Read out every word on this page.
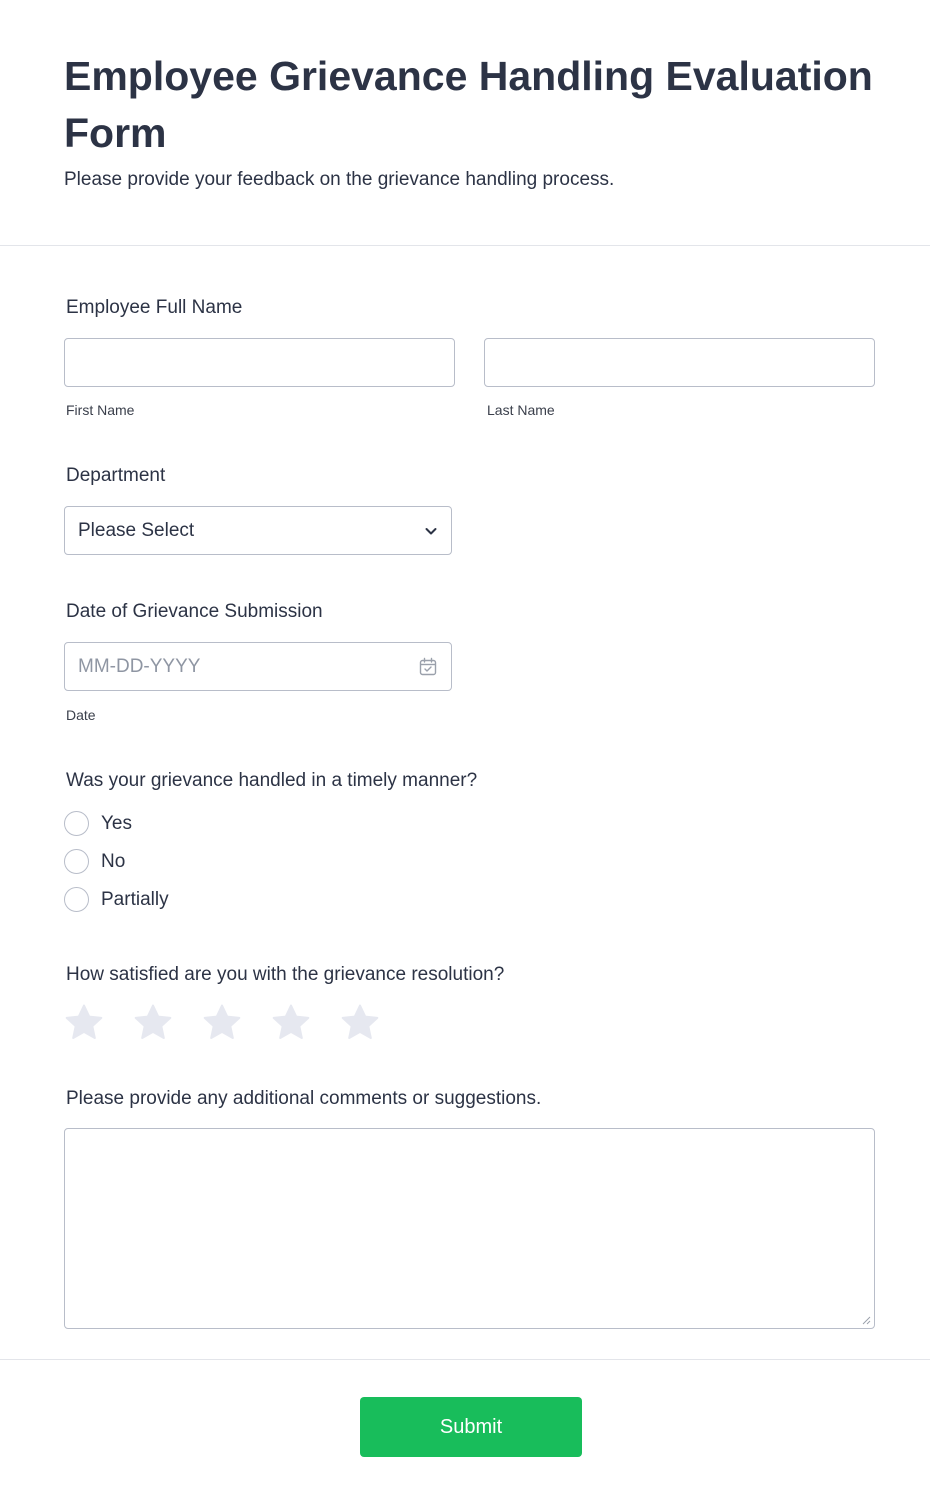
Employee Grievance Handling Evaluation Form

Please provide your feedback on the grievance handling process.

Employee Full Name
First Name	Last Name
Department
Please Select
Date of Grievance Submission
MM-DD-YYYY
Date
Was your grievance handled in a timely manner?
Yes
No
Partially
How satisfied are you with the grievance resolution?
Please provide any additional comments or suggestions.
Submit
